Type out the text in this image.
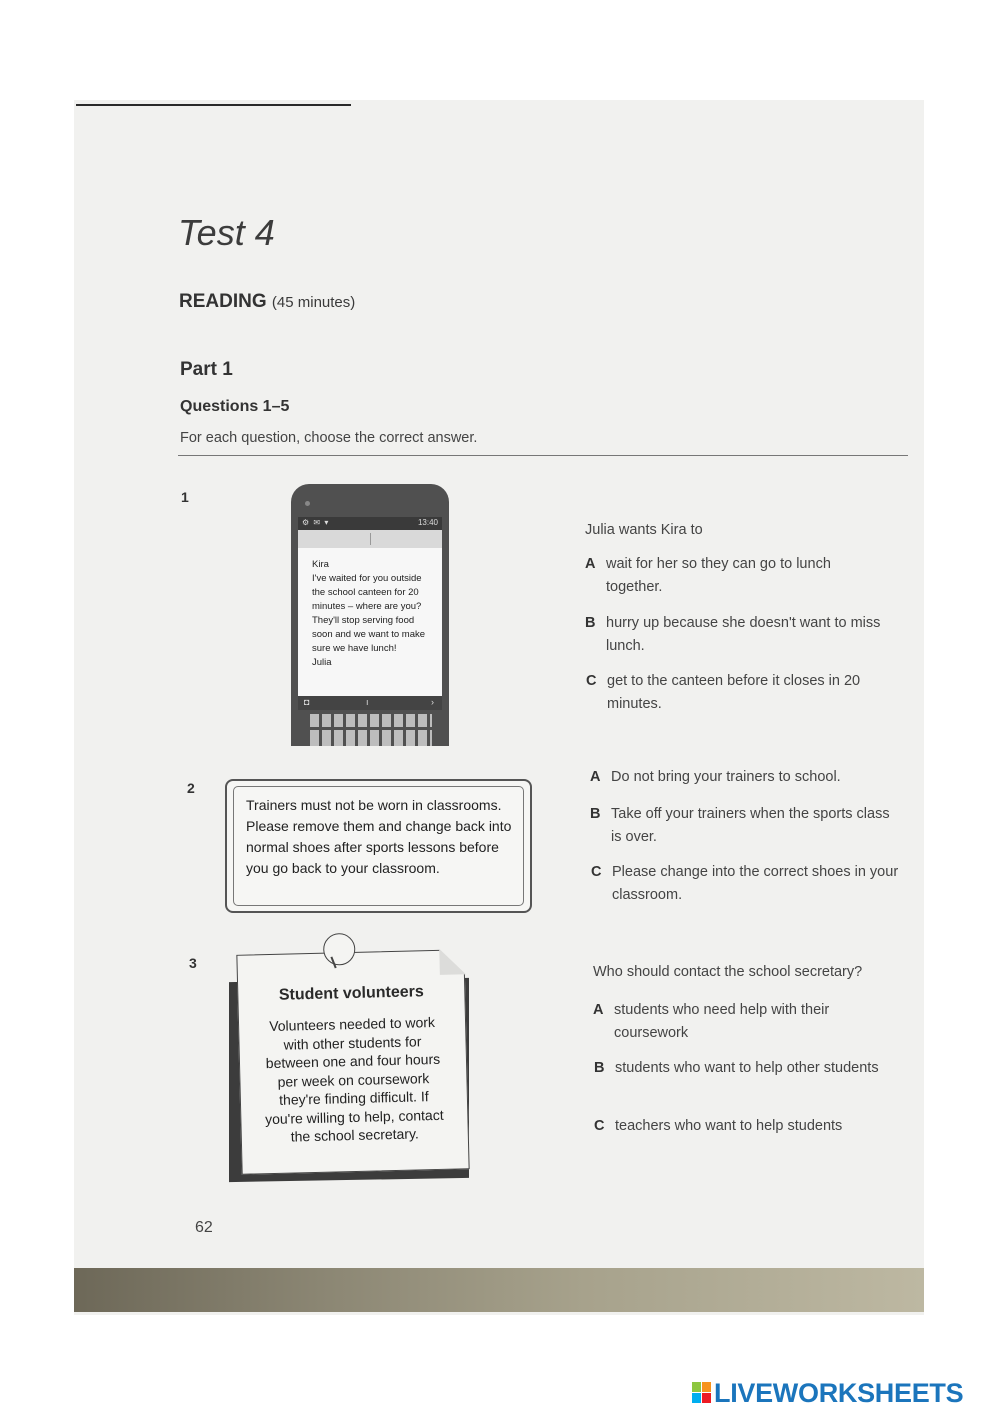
Test 4
READING (45 minutes)
Part 1
Questions 1–5
For each question, choose the correct answer.
1
⚙ ✉ ▾	13:40
Kira
I've waited for you outside the school canteen for 20 minutes – where are you? They'll stop serving food soon and we want to make sure we have lunch!
Julia
◘	ı	›
Julia wants Kira to
A wait for her so they can go to lunch together.
B hurry up because she doesn't want to miss lunch.
C get to the canteen before it closes in 20 minutes.
2
Trainers must not be worn in classrooms. Please remove them and change back into normal shoes after sports lessons before you go back to your classroom.
A Do not bring your trainers to school.
B Take off your trainers when the sports class is over.
C Please change into the correct shoes in your classroom.
3
Student volunteers
Volunteers needed to work with other students for between one and four hours per week on coursework they're finding difficult. If you're willing to help, contact the school secretary.
Who should contact the school secretary?
A students who need help with their coursework
B students who want to help other students
C teachers who want to help students
62
LIVEWORKSHEETS
